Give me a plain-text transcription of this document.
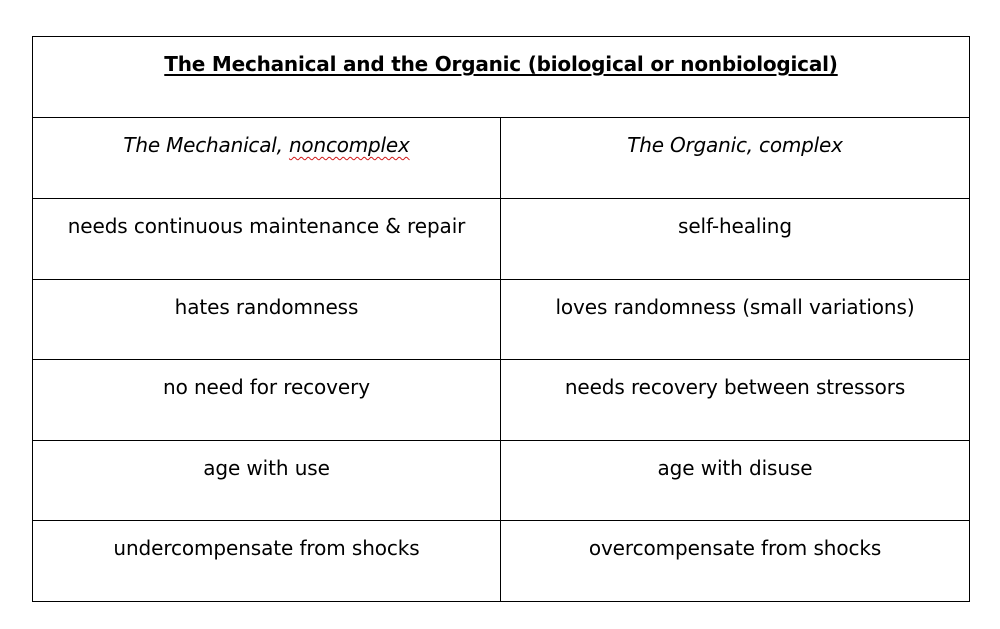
The Mechanical and the Organic (biological or nonbiological)	
The Mechanical, noncomplex	The Organic, complex
needs continuous maintenance & repair	self-healing
hates randomness	loves randomness (small variations)
no need for recovery	needs recovery between stressors
age with use	age with disuse
undercompensate from shocks	overcompensate from shocks
